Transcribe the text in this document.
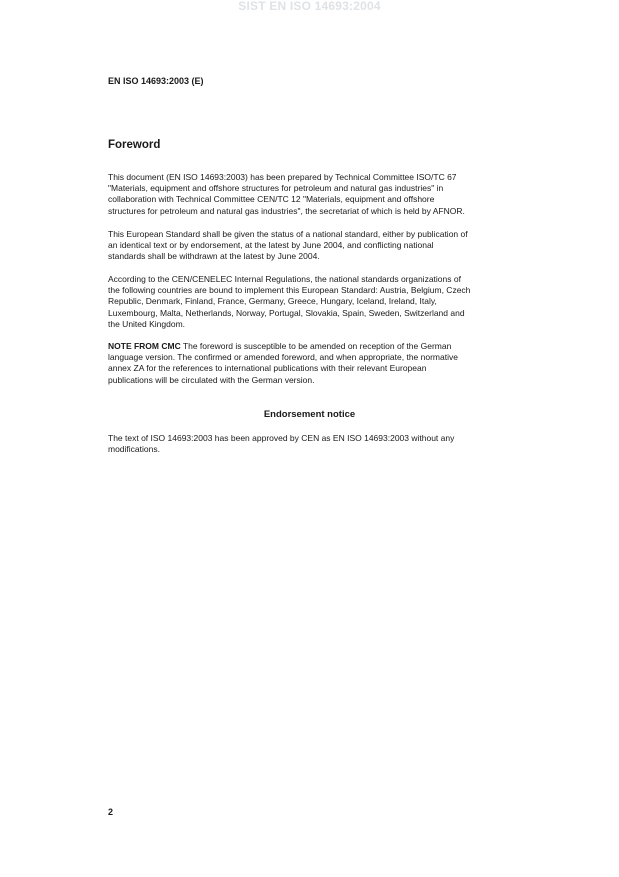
SIST EN ISO 14693:2004
EN ISO 14693:2003 (E)
Foreword

This document (EN ISO 14693:2003) has been prepared by Technical Committee ISO/TC 67
"Materials, equipment and offshore structures for petroleum and natural gas industries" in
collaboration with Technical Committee CEN/TC 12 "Materials, equipment and offshore
structures for petroleum and natural gas industries", the secretariat of which is held by AFNOR.

This European Standard shall be given the status of a national standard, either by publication of
an identical text or by endorsement, at the latest by June 2004, and conflicting national
standards shall be withdrawn at the latest by June 2004.

According to the CEN/CENELEC Internal Regulations, the national standards organizations of
the following countries are bound to implement this European Standard: Austria, Belgium, Czech
Republic, Denmark, Finland, France, Germany, Greece, Hungary, Iceland, Ireland, Italy,
Luxembourg, Malta, Netherlands, Norway, Portugal, Slovakia, Spain, Sweden, Switzerland and
the United Kingdom.

NOTE FROM CMC The foreword is susceptible to be amended on reception of the German
language version. The confirmed or amended foreword, and when appropriate, the normative
annex ZA for the references to international publications with their relevant European
publications will be circulated with the German version.

Endorsement notice

The text of ISO 14693:2003 has been approved by CEN as EN ISO 14693:2003 without any
modifications.

2
